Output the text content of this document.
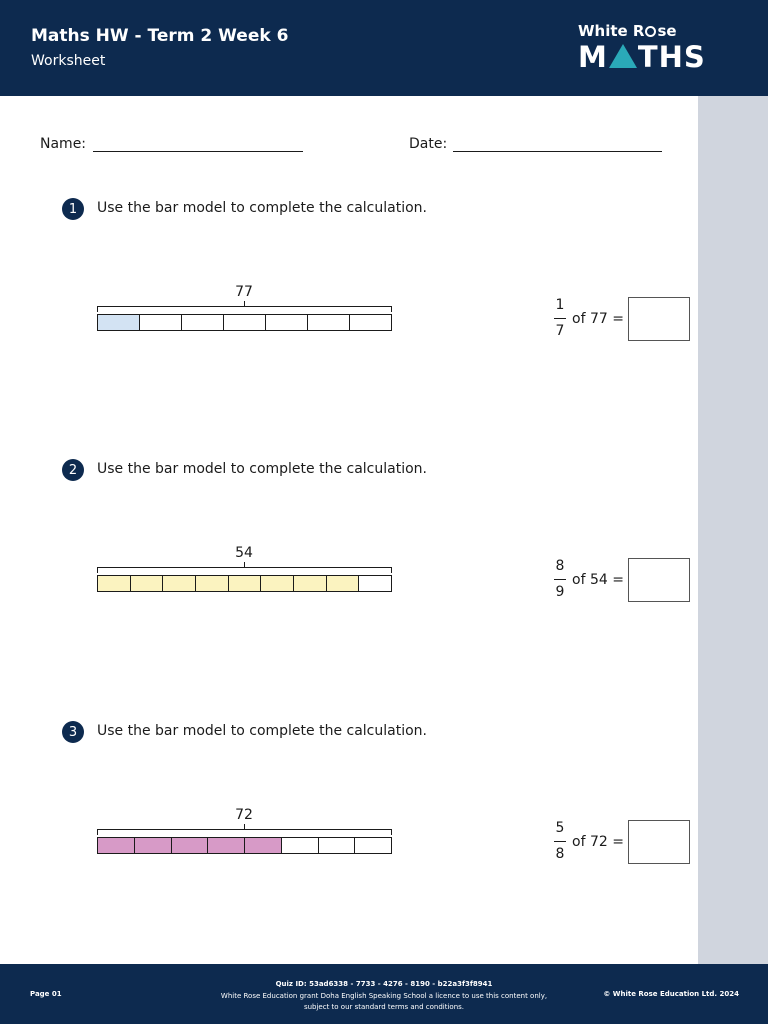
Maths HW - Term 2 Week 6
Worksheet
White R se
M THS
Name:	Date:
1	Use the bar model to complete the calculation.
77
1
7
of 77 =
2	Use the bar model to complete the calculation.
54
8
9
of 54 =
3	Use the bar model to complete the calculation.
72
5
8
of 72 =
Page 01
Quiz ID: 53ad6338 - 7733 - 4276 - 8190 - b22a3f3f8941
White Rose Education grant Doha English Speaking School a licence to use this content only,
subject to our standard terms and conditions.
© White Rose Education Ltd. 2024
